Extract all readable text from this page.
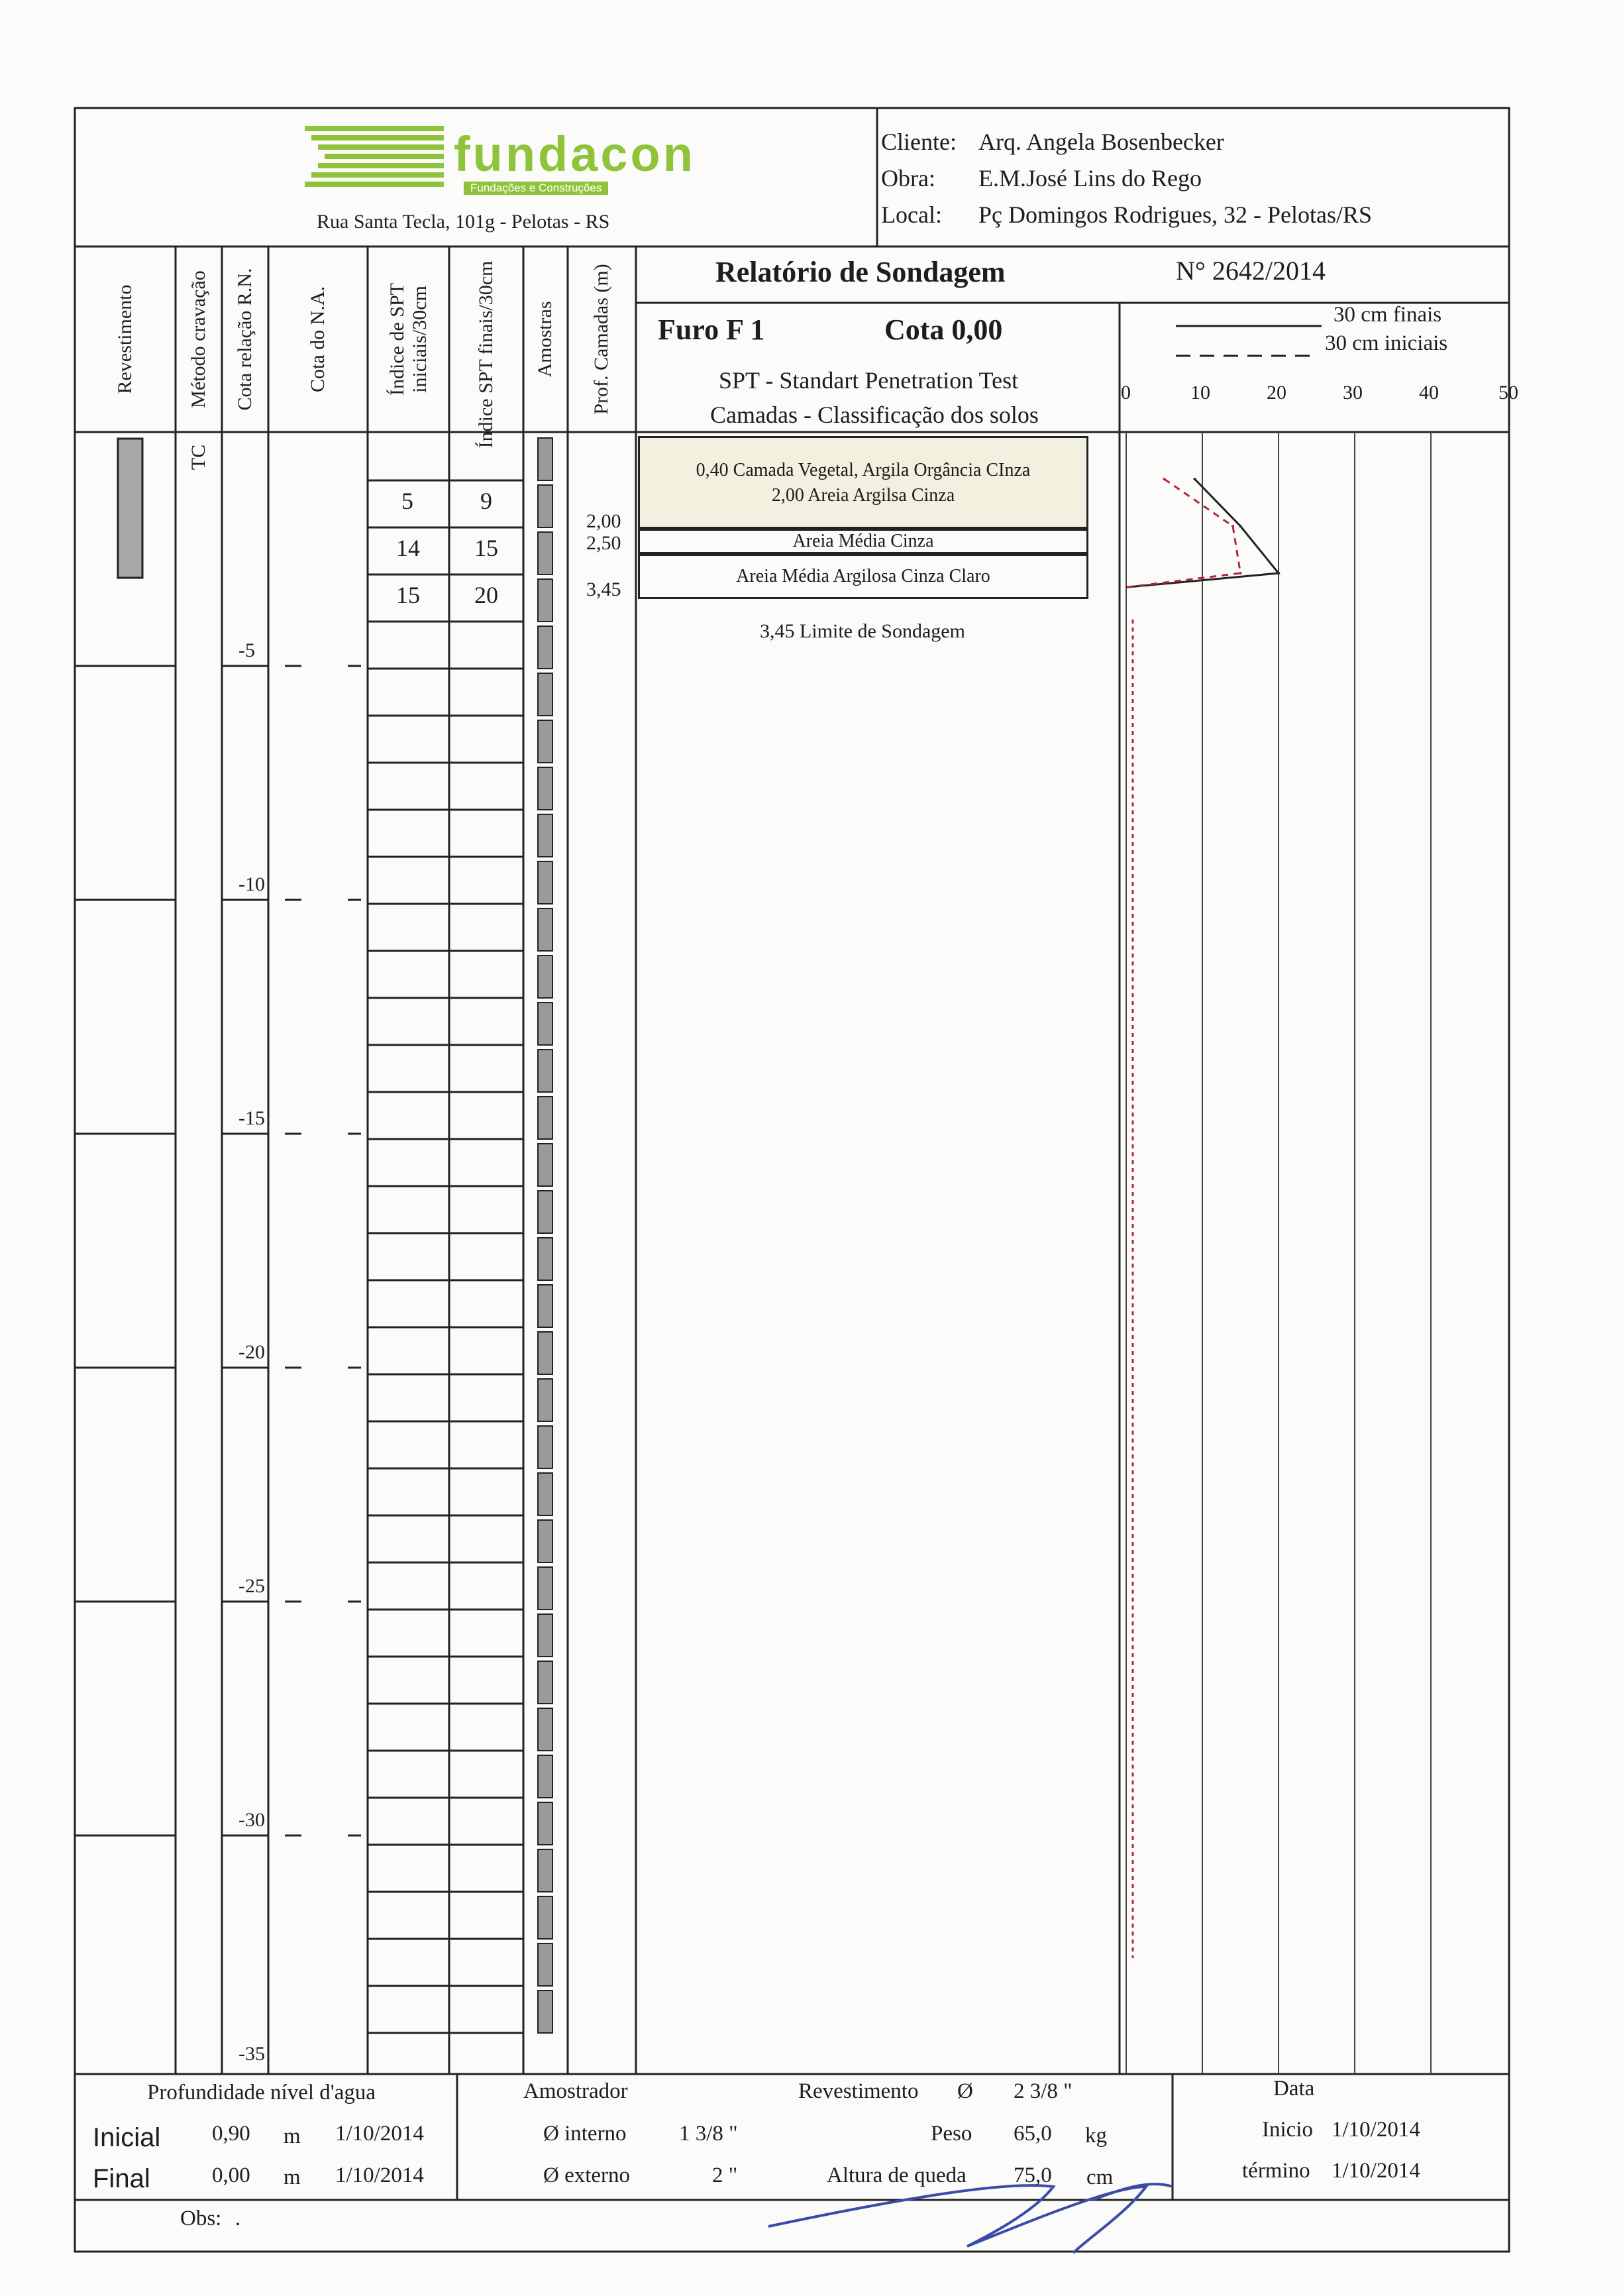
fundacon
Fundações e Construções
Rua Santa Tecla, 101g - Pelotas - RS
Cliente: Arq. Angela Bosenbecker
Obra: E.M.José Lins do Rego
Local: Pç Domingos Rodrigues, 32 - Pelotas/RS
Revestimento	Método cravação Cota relação R.N.	Cota do N.A.	Índice de SPT iniciais/30cm Índice SPT finais/30cm Amostras Prof. Camadas (m)	Relatório de Sondagem	N° 2642/2014
Furo F 1	Cota 0,00
SPT - Standart Penetration Test
Camadas - Classificação dos solos
30 cm finais
30 cm iniciais
0	10	20	30	40	50
TC
-5
-10
-15
-20
-25
-30
-35
5	9
14 15
15 20
2,00
2,50
3,45
0,40 Camada Vegetal, Argila Orgância CInza
2,00 Areia Argilsa Cinza
Areia Média Cinza
Areia Média Argilosa Cinza Claro
3,45 Limite de Sondagem
Profundidade nível d'agua
Inicial 0,90 m 1/10/2014
Final	0,00 m 1/10/2014
Amostrador
Ø interno 1 3/8 "
Ø externo	2 "
Revestimento Ø 2 3/8 "
Peso 65,0 kg
Altura de queda 75,0 cm
Data
Inicio 1/10/2014
término 1/10/2014
Obs: .
